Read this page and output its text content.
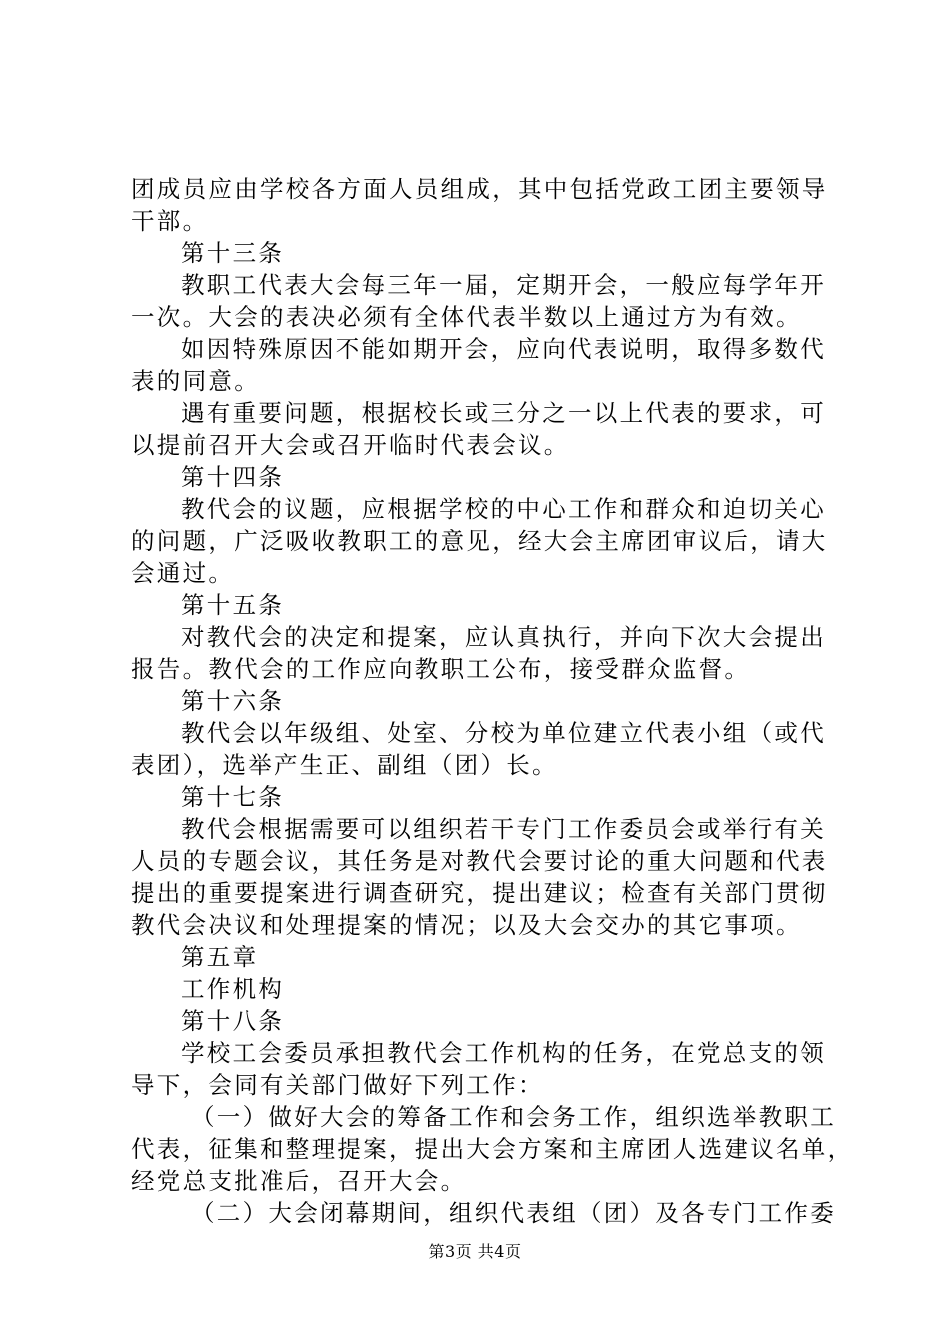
团成员应由学校各方面人员组成，其中包括党政工团主要领导
干部。
第十三条
教职工代表大会每三年一届，定期开会，一般应每学年开
一次。大会的表决必须有全体代表半数以上通过方为有效。
如因特殊原因不能如期开会，应向代表说明，取得多数代
表的同意。
遇有重要问题，根据校长或三分之一以上代表的要求，可
以提前召开大会或召开临时代表会议。
第十四条
教代会的议题，应根据学校的中心工作和群众和迫切关心
的问题，广泛吸收教职工的意见，经大会主席团审议后，请大
会通过。
第十五条
对教代会的决定和提案，应认真执行，并向下次大会提出
报告。教代会的工作应向教职工公布，接受群众监督。
第十六条
教代会以年级组、处室、分校为单位建立代表小组（或代
表团），选举产生正、副组（团）长。
第十七条
教代会根据需要可以组织若干专门工作委员会或举行有关
人员的专题会议，其任务是对教代会要讨论的重大问题和代表
提出的重要提案进行调查研究，提出建议；检查有关部门贯彻
教代会决议和处理提案的情况；以及大会交办的其它事项。
第五章
工作机构
第十八条
学校工会委员承担教代会工作机构的任务，在党总支的领
导下，会同有关部门做好下列工作：
（一）做好大会的筹备工作和会务工作，组织选举教职工
代表，征集和整理提案，提出大会方案和主席团人选建议名单，
经党总支批准后，召开大会。
（二）大会闭幕期间，组织代表组（团）及各专门工作委
第3页 共4页
